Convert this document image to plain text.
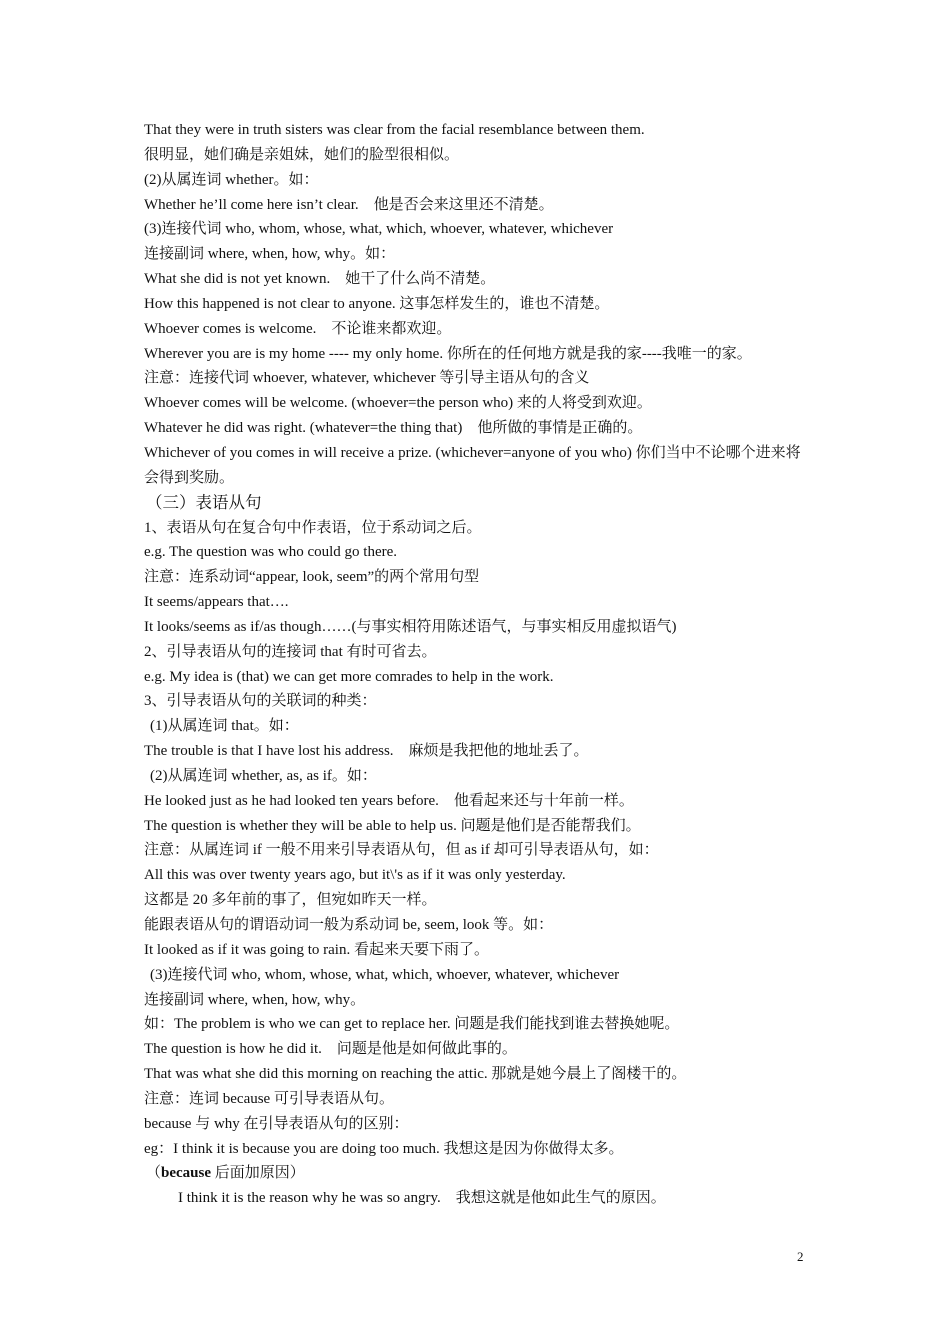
That they were in truth sisters was clear from the facial resemblance between them.
很明显，她们确是亲姐妹，她们的脸型很相似。
(2)从属连词 whether。如：
Whether he’ll come here isn’t clear.　他是否会来这里还不清楚。
(3)连接代词 who, whom, whose, what, which, whoever, whatever, whichever
连接副词 where, when, how, why。如：
What she did is not yet known.　她干了什么尚不清楚。
How this happened is not clear to anyone. 这事怎样发生的，谁也不清楚。
Whoever comes is welcome.　不论谁来都欢迎。
Wherever you are is my home ---- my only home. 你所在的任何地方就是我的家----我唯一的家。
注意：连接代词 whoever, whatever, whichever 等引导主语从句的含义
Whoever comes will be welcome. (whoever=the person who) 来的人将受到欢迎。
Whatever he did was right. (whatever=the thing that)　他所做的事情是正确的。
Whichever of you comes in will receive a prize. (whichever=anyone of you who) 你们当中不论哪个进来将会得到奖励。
（三）表语从句
1、表语从句在复合句中作表语，位于系动词之后。
e.g. The question was who could go there.
注意：连系动词“appear, look, seem”的两个常用句型
It seems/appears that….
It looks/seems as if/as though……(与事实相符用陈述语气，与事实相反用虚拟语气)
2、引导表语从句的连接词 that 有时可省去。
e.g. My idea is (that) we can get more comrades to help in the work.
3、引导表语从句的关联词的种类：
(1)从属连词 that。如：
The trouble is that I have lost his address.　麻烦是我把他的地址丢了。
(2)从属连词 whether, as, as if。如：
He looked just as he had looked ten years before.　他看起来还与十年前一样。
The question is whether they will be able to help us. 问题是他们是否能帮我们。
注意：从属连词 if 一般不用来引导表语从句，但 as if 却可引导表语从句，如：
All this was over twenty years ago, but it\'s as if it was only yesterday.
这都是 20 多年前的事了，但宛如昨天一样。
能跟表语从句的谓语动词一般为系动词 be, seem, look 等。如：
It looked as if it was going to rain. 看起来天要下雨了。
(3)连接代词 who, whom, whose, what, which, whoever, whatever, whichever
连接副词 where, when, how, why。
如：The problem is who we can get to replace her. 问题是我们能找到谁去替换她呢。
The question is how he did it.　问题是他是如何做此事的。
That was what she did this morning on reaching the attic. 那就是她今晨上了阁楼干的。
注意：连词 because 可引导表语从句。
because 与 why 在引导表语从句的区别：
eg：I think it is because you are doing too much. 我想这是因为你做得太多。
（because 后面加原因）
I think it is the reason why he was so angry.　我想这就是他如此生气的原因。
2
